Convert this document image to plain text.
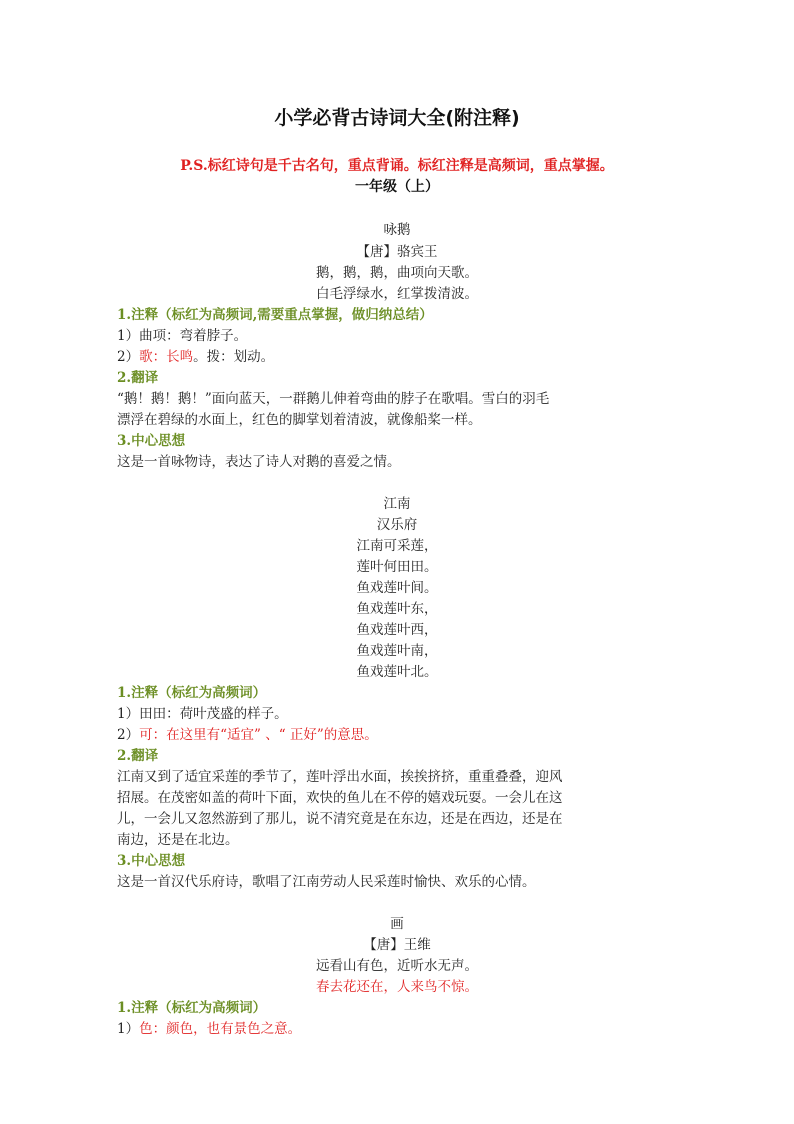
小学必背古诗词大全(附注释)
P.S.标红诗句是千古名句，重点背诵。标红注释是高频词，重点掌握。
一年级（上）
咏鹅
【唐】骆宾王
鹅，鹅，鹅，曲项向天歌。
白毛浮绿水，红掌拨清波。
1.注释（标红为高频词,需要重点掌握，做归纳总结）
1）曲项：弯着脖子。
2）歌：长鸣。拨：划动。
2.翻译
“鹅！鹅！鹅！”面向蓝天，一群鹅儿伸着弯曲的脖子在歌唱。雪白的羽毛
漂浮在碧绿的水面上，红色的脚掌划着清波，就像船桨一样。
3.中心思想
这是一首咏物诗，表达了诗人对鹅的喜爱之情。
江南
汉乐府
江南可采莲，
莲叶何田田。
鱼戏莲叶间。
鱼戏莲叶东，
鱼戏莲叶西，
鱼戏莲叶南，
鱼戏莲叶北。
1.注释（标红为高频词）
1）田田：荷叶茂盛的样子。
2）可：在这里有“适宜” 、“ 正好”的意思。
2.翻译
江南又到了适宜采莲的季节了，莲叶浮出水面，挨挨挤挤，重重叠叠，迎风
招展。在茂密如盖的荷叶下面，欢快的鱼儿在不停的嬉戏玩耍。一会儿在这
儿，一会儿又忽然游到了那儿，说不清究竟是在东边，还是在西边，还是在
南边，还是在北边。
3.中心思想
这是一首汉代乐府诗，歌唱了江南劳动人民采莲时愉快、欢乐的心情。
画
【唐】王维
远看山有色，近听水无声。
春去花还在，人来鸟不惊。
1.注释（标红为高频词）
1）色：颜色，也有景色之意。
